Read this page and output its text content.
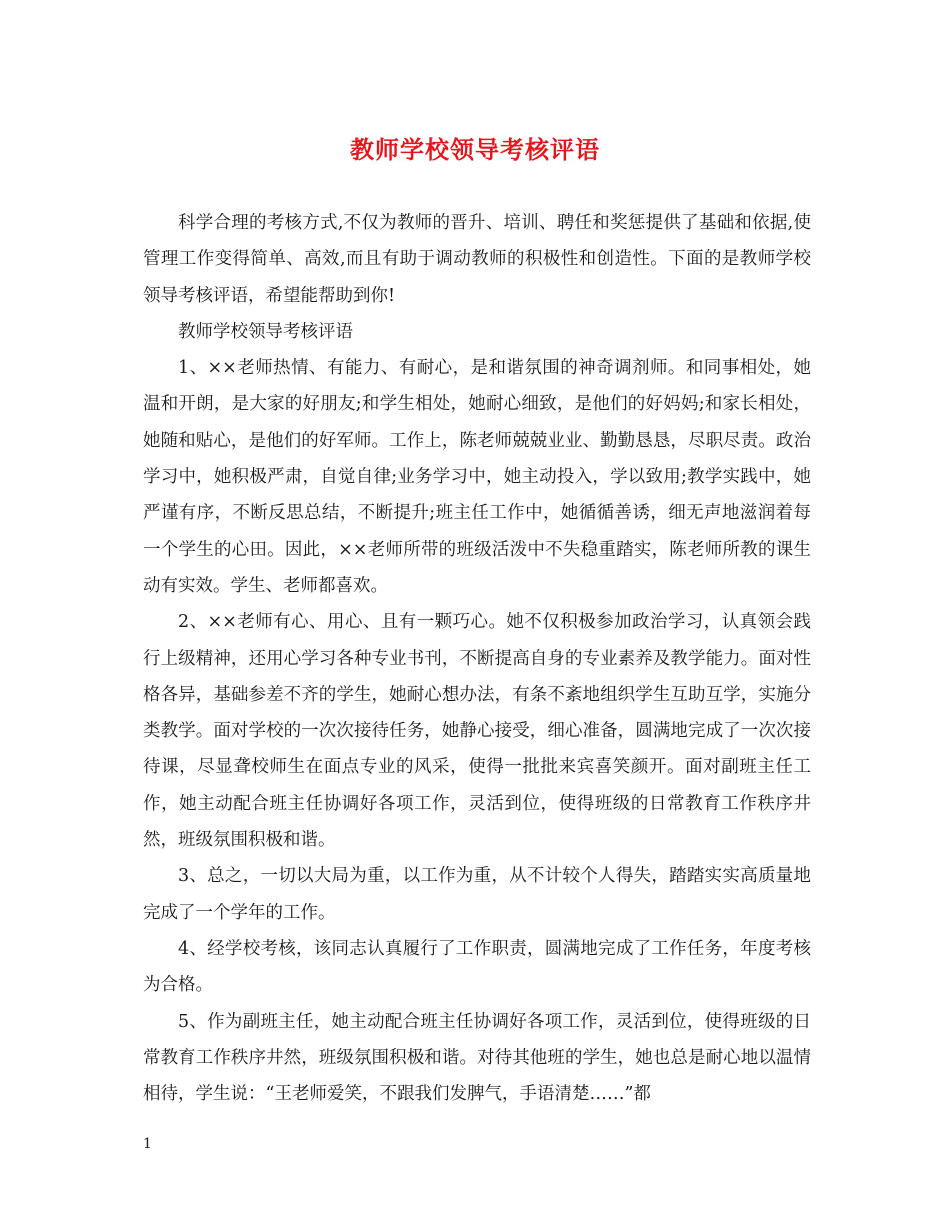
教师学校领导考核评语

科学合理的考核方式,不仅为教师的晋升、培训、聘任和奖惩提供了基础和依据,使管理工作变得简单、高效,而且有助于调动教师的积极性和创造性。下面的是教师学校领导考核评语，希望能帮助到你!

教师学校领导考核评语

1、××老师热情、有能力、有耐心，是和谐氛围的神奇调剂师。和同事相处，她温和开朗，是大家的好朋友;和学生相处，她耐心细致，是他们的好妈妈;和家长相处，她随和贴心，是他们的好军师。工作上，陈老师兢兢业业、勤勤恳恳，尽职尽责。政治学习中，她积极严肃，自觉自律;业务学习中，她主动投入，学以致用;教学实践中，她严谨有序，不断反思总结，不断提升;班主任工作中，她循循善诱，细无声地滋润着每一个学生的心田。因此，××老师所带的班级活泼中不失稳重踏实，陈老师所教的课生动有实效。学生、老师都喜欢。

2、××老师有心、用心、且有一颗巧心。她不仅积极参加政治学习，认真领会践行上级精神，还用心学习各种专业书刊，不断提高自身的专业素养及教学能力。面对性格各异，基础参差不齐的学生，她耐心想办法，有条不紊地组织学生互助互学，实施分类教学。面对学校的一次次接待任务，她静心接受，细心准备，圆满地完成了一次次接待课，尽显聋校师生在面点专业的风采，使得一批批来宾喜笑颜开。面对副班主任工作，她主动配合班主任协调好各项工作，灵活到位，使得班级的日常教育工作秩序井然，班级氛围积极和谐。

3、总之，一切以大局为重，以工作为重，从不计较个人得失，踏踏实实高质量地完成了一个学年的工作。

4、经学校考核，该同志认真履行了工作职责，圆满地完成了工作任务，年度考核为合格。

5、作为副班主任，她主动配合班主任协调好各项工作，灵活到位，使得班级的日常教育工作秩序井然，班级氛围积极和谐。对待其他班的学生，她也总是耐心地以温情相待，学生说：“王老师爱笑，不跟我们发脾气，手语清楚……”都

1
